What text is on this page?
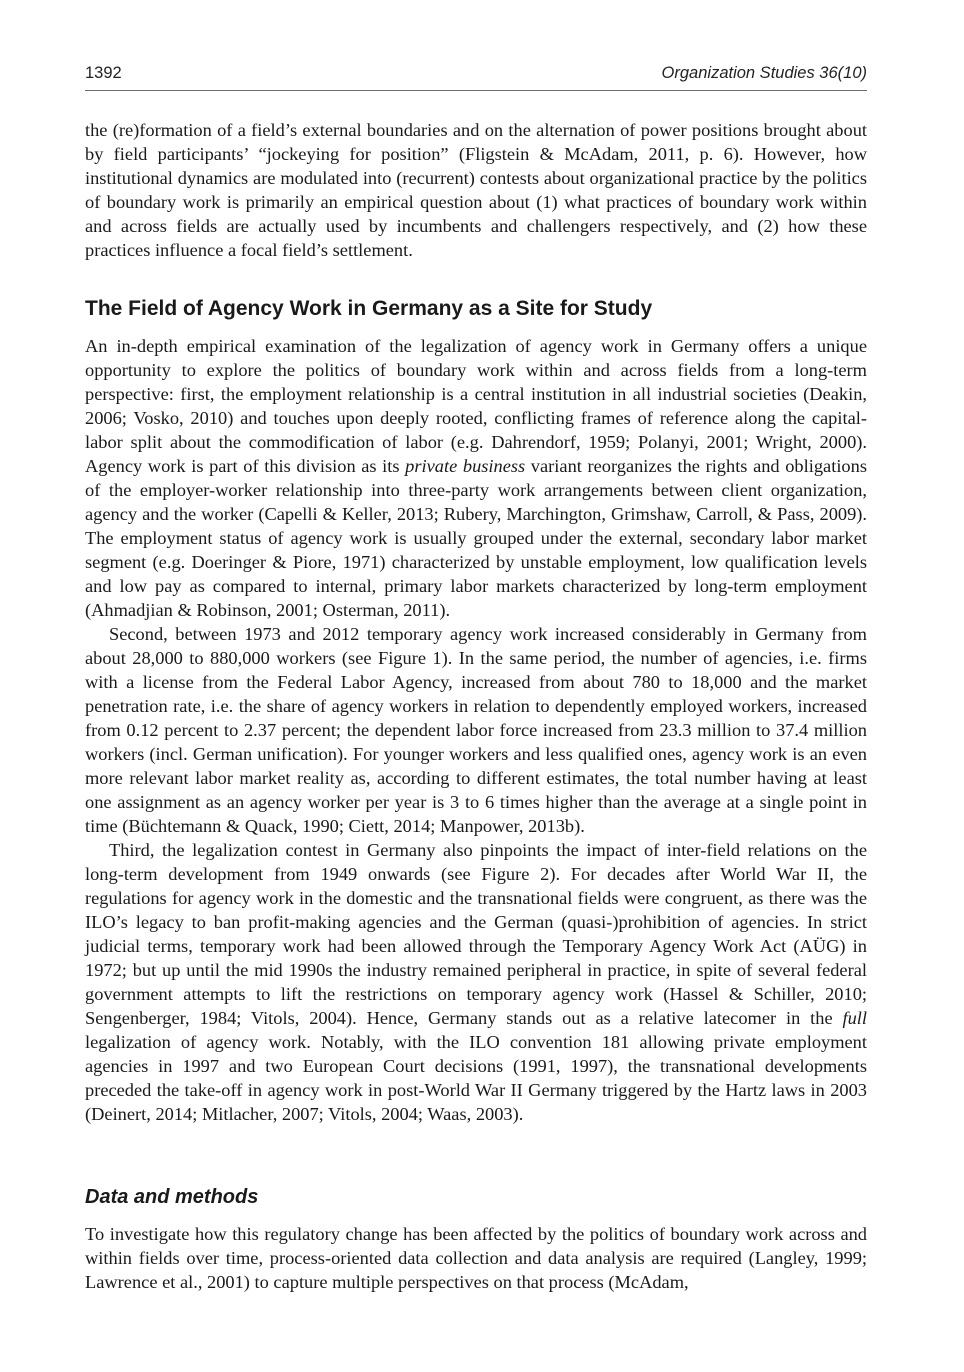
1392	Organization Studies 36(10)

the (re)formation of a field’s external boundaries and on the alternation of power positions brought about by field participants’ “jockeying for position” (Fligstein & McAdam, 2011, p. 6). However, how institutional dynamics are modulated into (recurrent) contests about organizational practice by the politics of boundary work is primarily an empirical question about (1) what practices of boundary work within and across fields are actually used by incumbents and challengers respectively, and (2) how these practices influence a focal field’s settlement.

The Field of Agency Work in Germany as a Site for Study

An in-depth empirical examination of the legalization of agency work in Germany offers a unique opportunity to explore the politics of boundary work within and across fields from a long-term perspective: first, the employment relationship is a central institution in all industrial societies (Deakin, 2006; Vosko, 2010) and touches upon deeply rooted, conflicting frames of reference along the capital-labor split about the commodification of labor (e.g. Dahrendorf, 1959; Polanyi, 2001; Wright, 2000). Agency work is part of this division as its private business variant reorganizes the rights and obligations of the employer-worker relationship into three-party work arrangements between client organization, agency and the worker (Capelli & Keller, 2013; Rubery, Marchington, Grimshaw, Carroll, & Pass, 2009). The employment status of agency work is usually grouped under the external, secondary labor market segment (e.g. Doeringer & Piore, 1971) characterized by unstable employment, low qualification levels and low pay as compared to internal, primary labor markets characterized by long-term employment (Ahmadjian & Robinson, 2001; Osterman, 2011).

Second, between 1973 and 2012 temporary agency work increased considerably in Germany from about 28,000 to 880,000 workers (see Figure 1). In the same period, the number of agencies, i.e. firms with a license from the Federal Labor Agency, increased from about 780 to 18,000 and the market penetration rate, i.e. the share of agency workers in relation to dependently employed workers, increased from 0.12 percent to 2.37 percent; the dependent labor force increased from 23.3 million to 37.4 million workers (incl. German unification). For younger workers and less qualified ones, agency work is an even more relevant labor market reality as, according to different estimates, the total number having at least one assignment as an agency worker per year is 3 to 6 times higher than the average at a single point in time (Büchtemann & Quack, 1990; Ciett, 2014; Manpower, 2013b).

Third, the legalization contest in Germany also pinpoints the impact of inter-field relations on the long-term development from 1949 onwards (see Figure 2). For decades after World War II, the regulations for agency work in the domestic and the transnational fields were congruent, as there was the ILO’s legacy to ban profit-making agencies and the German (quasi-)prohibition of agencies. In strict judicial terms, temporary work had been allowed through the Temporary Agency Work Act (AÜG) in 1972; but up until the mid 1990s the industry remained peripheral in practice, in spite of several federal government attempts to lift the restrictions on temporary agency work (Hassel & Schiller, 2010; Sengenberger, 1984; Vitols, 2004). Hence, Germany stands out as a relative latecomer in the full legalization of agency work. Notably, with the ILO convention 181 allowing private employment agencies in 1997 and two European Court decisions (1991, 1997), the transnational developments preceded the take-off in agency work in post-World War II Germany triggered by the Hartz laws in 2003 (Deinert, 2014; Mitlacher, 2007; Vitols, 2004; Waas, 2003).

Data and methods

To investigate how this regulatory change has been affected by the politics of boundary work across and within fields over time, process-oriented data collection and data analysis are required (Langley, 1999; Lawrence et al., 2001) to capture multiple perspectives on that process (McAdam,
